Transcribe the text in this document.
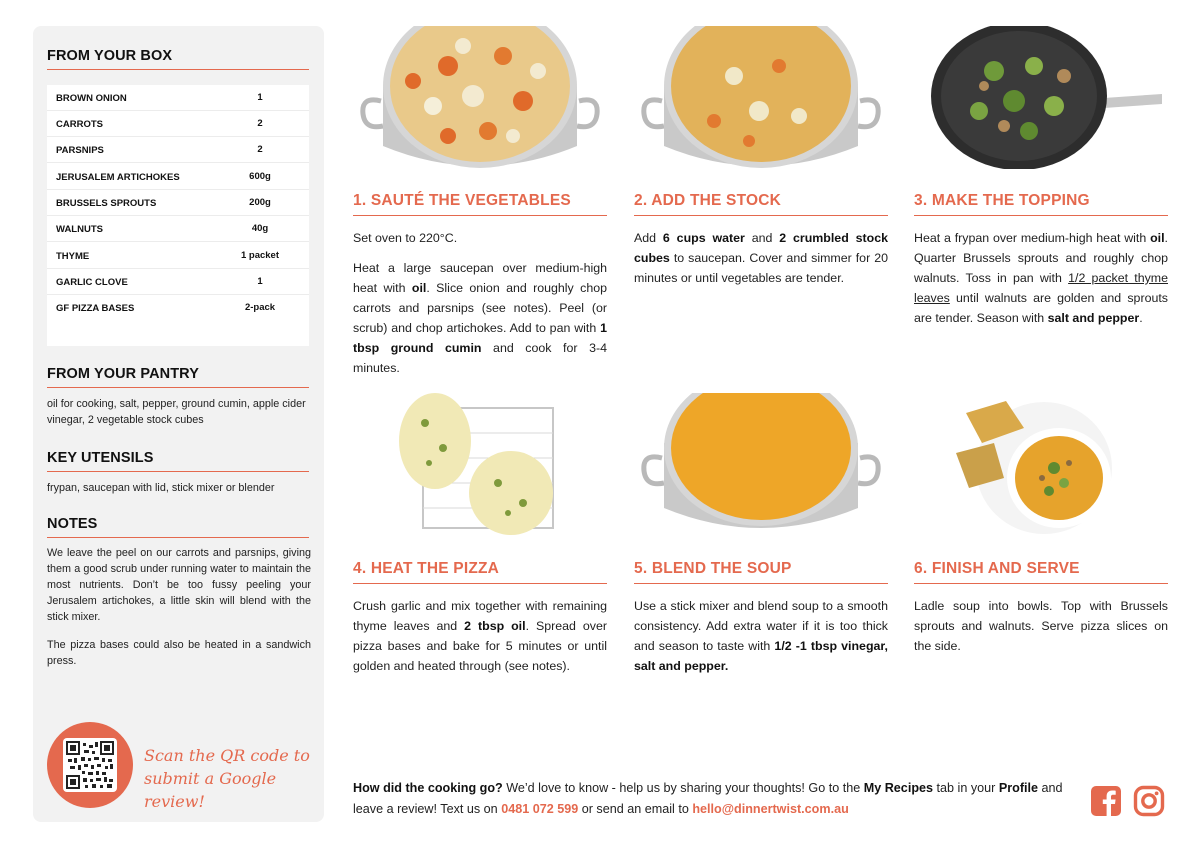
FROM YOUR BOX
BROWN ONION	1
CARROTS	2
PARSNIPS	2
JERUSALEM ARTICHOKES	600g
BRUSSELS SPROUTS	200g
WALNUTS	40g
THYME	1 packet
GARLIC CLOVE	1
GF PIZZA BASES	2-pack
FROM YOUR PANTRY
oil for cooking, salt, pepper, ground cumin, apple cider vinegar, 2 vegetable stock cubes
KEY UTENSILS
frypan, saucepan with lid, stick mixer or blender
NOTES
We leave the peel on our carrots and parsnips, giving them a good scrub under running water to maintain the most nutrients. Don’t be too fussy peeling your Jerusalem artichokes, a little skin will blend with the stick mixer.
The pizza bases could also be heated in a sandwich press.
Scan the QR code to
submit a Google review!
1. SAUTÉ THE VEGETABLES

Set oven to 220°C.

Heat a large saucepan over medium-high heat with oil. Slice onion and roughly chop carrots and parsnips (see notes). Peel (or scrub) and chop artichokes. Add to pan with 1 tbsp ground cumin and cook for 3-4 minutes.

2. ADD THE STOCK

Add 6 cups water and 2 crumbled stock cubes to saucepan. Cover and simmer for 20 minutes or until vegetables are tender.

3. MAKE THE TOPPING

Heat a frypan over medium-high heat with oil. Quarter Brussels sprouts and roughly chop walnuts. Toss in pan with 1/2 packet thyme leaves until walnuts are golden and sprouts are tender. Season with salt and pepper.

4. HEAT THE PIZZA

Crush garlic and mix together with remaining thyme leaves and 2 tbsp oil. Spread over pizza bases and bake for 5 minutes or until golden and heated through (see notes).

5. BLEND THE SOUP

Use a stick mixer and blend soup to a smooth consistency. Add extra water if it is too thick and season to taste with 1/2 -1 tbsp vinegar, salt and pepper.

6. FINISH AND SERVE

Ladle soup into bowls. Top with Brussels sprouts and walnuts. Serve pizza slices on the side.

How did the cooking go? We’d love to know - help us by sharing your thoughts! Go to the My Recipes tab in your Profile and leave a review! Text us on 0481 072 599 or send an email to hello@dinnertwist.com.au
